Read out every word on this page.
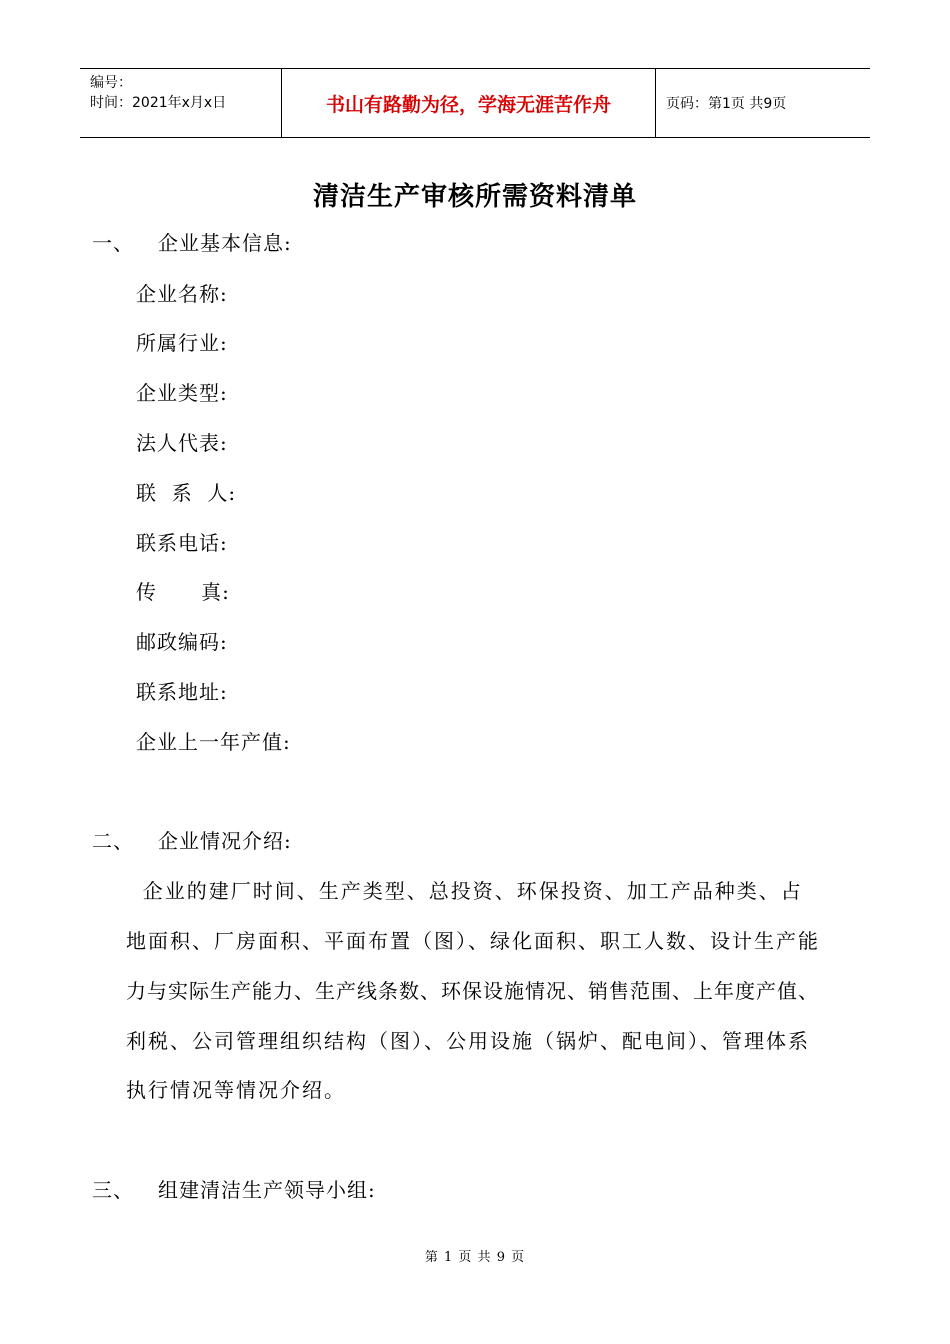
编号：
时间：2021年x月x日	书山有路勤为径，学海无涯苦作舟	页码：第1页 共9页
清洁生产审核所需资料清单
一、 企业基本信息:
企业名称:
所属行业:
企业类型:
法人代表:
联  系  人:
联系电话:
传      真:
邮政编码:
联系地址:
企业上一年产值:
二、 企业情况介绍:
企业的建厂时间、生产类型、总投资、环保投资、加工产品种类、占
地面积、厂房面积、平面布置（图）、绿化面积、职工人数、设计生产能
力与实际生产能力、生产线条数、环保设施情况、销售范围、上年度产值、
利税、公司管理组织结构（图）、公用设施（锅炉、配电间）、管理体系
执行情况等情况介绍。
三、 组建清洁生产领导小组:
第 1 页 共 9 页
